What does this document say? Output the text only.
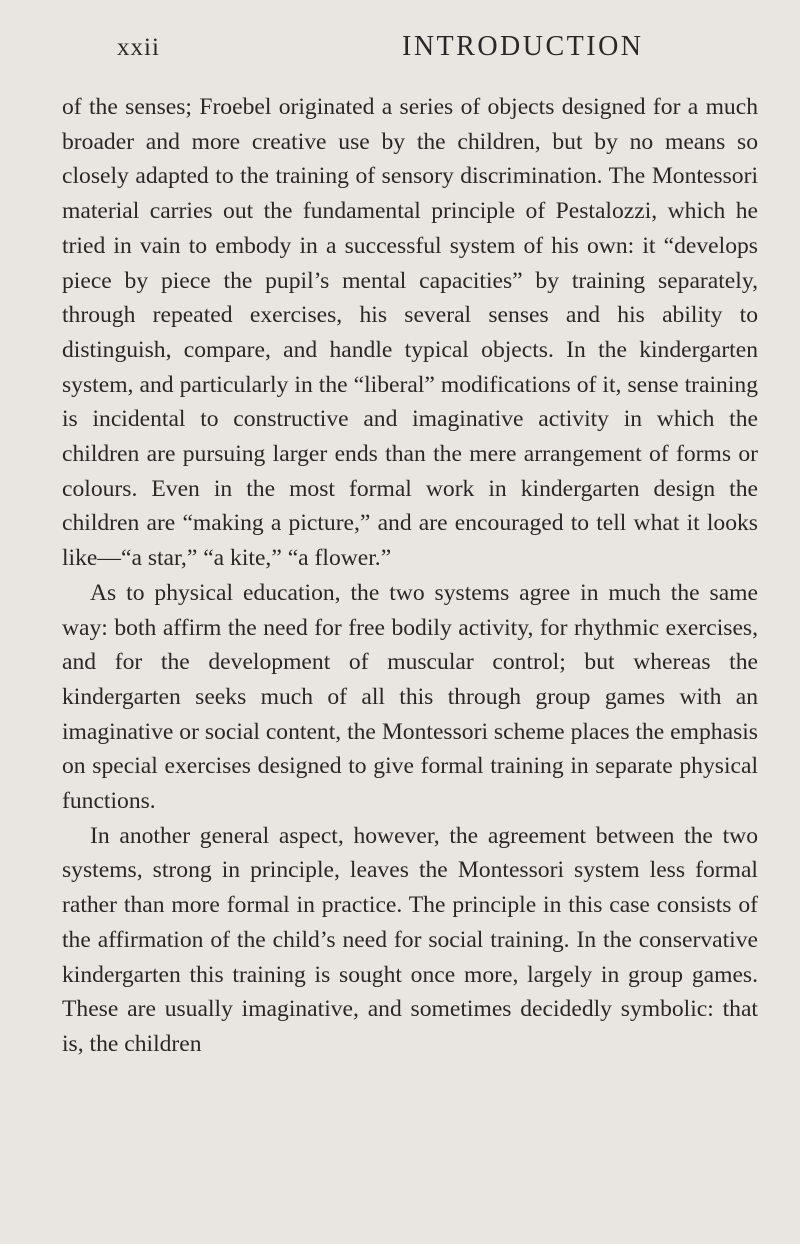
xxii	INTRODUCTION

of the senses; Froebel originated a series of objects designed for a much broader and more creative use by the children, but by no means so closely adapted to the training of sensory discrimination. The Montessori material carries out the fundamental principle of Pestalozzi, which he tried in vain to embody in a successful system of his own: it “develops piece by piece the pupil’s mental capacities” by training separately, through repeated exercises, his several senses and his ability to distinguish, compare, and handle typical objects. In the kindergarten system, and particularly in the “liberal” modifications of it, sense training is incidental to constructive and imaginative activity in which the children are pursuing larger ends than the mere arrangement of forms or colours. Even in the most formal work in kindergarten design the children are “making a picture,” and are encouraged to tell what it looks like—“a star,” “a kite,” “a flower.”

As to physical education, the two systems agree in much the same way: both affirm the need for free bodily activity, for rhythmic exercises, and for the development of muscular control; but whereas the kindergarten seeks much of all this through group games with an imaginative or social content, the Montessori scheme places the emphasis on special exercises designed to give formal training in separate physical functions.

In another general aspect, however, the agreement between the two systems, strong in principle, leaves the Montessori system less formal rather than more formal in practice. The principle in this case consists of the affirmation of the child’s need for social training. In the conservative kindergarten this training is sought once more, largely in group games. These are usually imaginative, and sometimes decidedly symbolic: that is, the children
